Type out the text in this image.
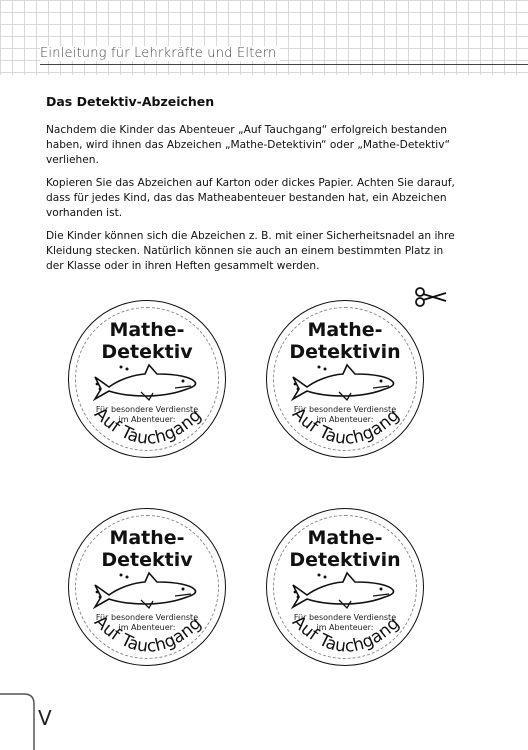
Einleitung für Lehrkräfte und Eltern
Das Detektiv-Abzeichen

Nachdem die Kinder das Abenteuer „Auf Tauchgang“ erfolgreich bestanden haben, wird ihnen das Abzeichen „Mathe-Detektivin“ oder „Mathe-Detektiv“ verliehen.

Kopieren Sie das Abzeichen auf Karton oder dickes Papier. Achten Sie darauf, dass für jedes Kind, das das Matheabenteuer bestanden hat, ein Abzeichen vorhanden ist.

Die Kinder können sich die Abzeichen z. B. mit einer Sicherheitsnadel an ihre Kleidung stecken. Natürlich können sie auch an einem bestimmten Platz in der Klasse oder in ihren Heften gesammelt werden.

Mathe-
Detektiv
Für besondere Verdienste
im Abenteuer:
Auf Tauchgang
Mathe-
Detektivin
Für besondere Verdienste
im Abenteuer:
Auf Tauchgang
Mathe-
Detektiv
Für besondere Verdienste
im Abenteuer:
Auf Tauchgang
Mathe-
Detektivin
Für besondere Verdienste
im Abenteuer:
Auf Tauchgang
V
